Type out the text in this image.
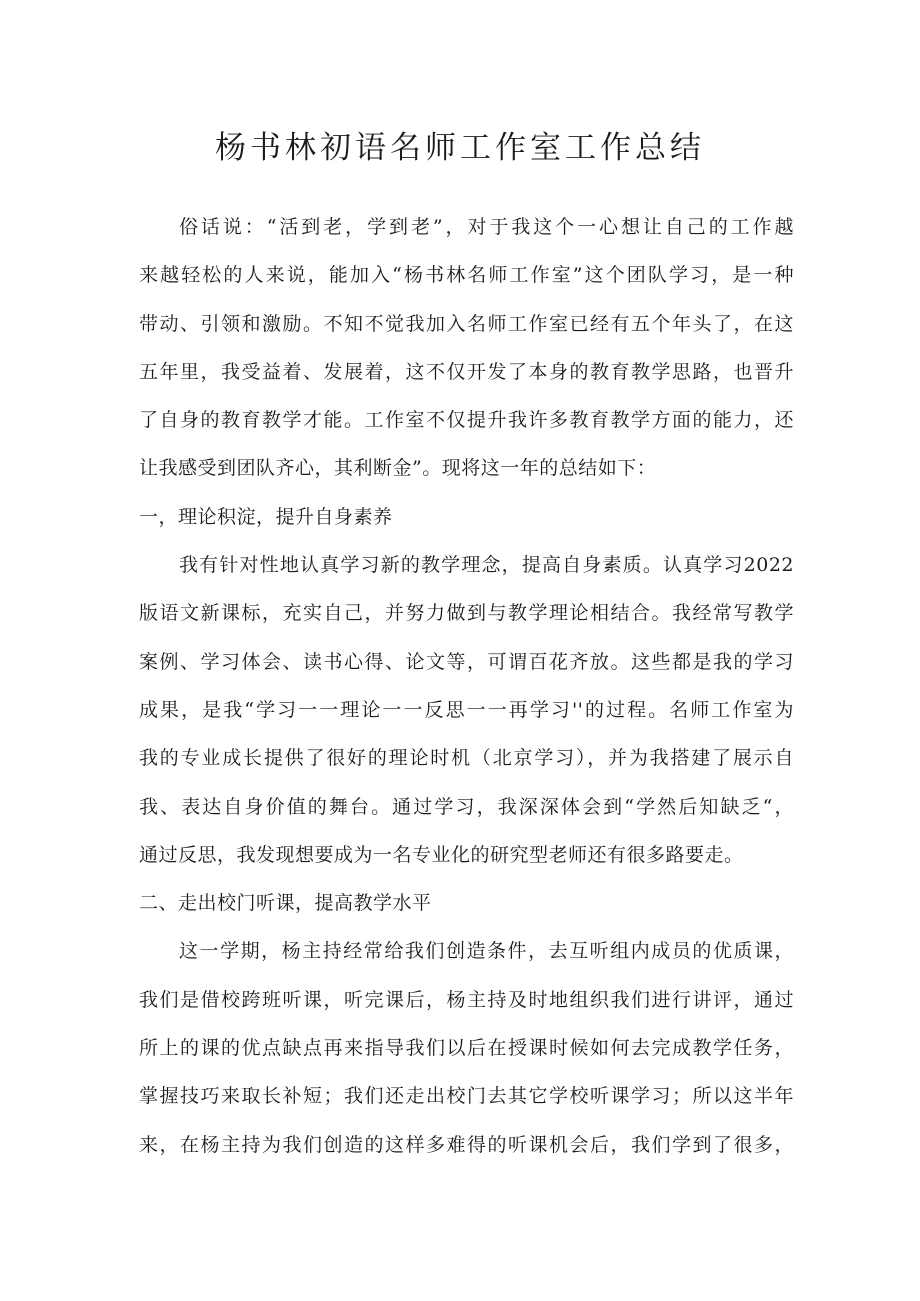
杨书林初语名师工作室工作总结
俗话说：“活到老，学到老”，对于我这个一心想让自己的工作越
来越轻松的人来说，能加入“杨书林名师工作室”这个团队学习，是一种
带动、引领和激励。不知不觉我加入名师工作室已经有五个年头了，在这
五年里，我受益着、发展着，这不仅开发了本身的教育教学思路，也晋升
了自身的教育教学才能。工作室不仅提升我许多教育教学方面的能力，还
让我感受到团队齐心，其利断金”。现将这一年的总结如下：
一，理论积淀，提升自身素养
我有针对性地认真学习新的教学理念，提高自身素质。认真学习2022
版语文新课标，充实自己，并努力做到与教学理论相结合。我经常写教学
案例、学习体会、读书心得、论文等，可谓百花齐放。这些都是我的学习
成果，是我“学习一一理论一一反思一一再学习''的过程。名师工作室为
我的专业成长提供了很好的理论时机（北京学习），并为我搭建了展示自
我、表达自身价值的舞台。通过学习，我深深体会到“学然后知缺乏“，
通过反思，我发现想要成为一名专业化的研究型老师还有很多路要走。
二、走出校门听课，提高教学水平
这一学期，杨主持经常给我们创造条件，去互听组内成员的优质课，
我们是借校跨班听课，听完课后，杨主持及时地组织我们进行讲评，通过
所上的课的优点缺点再来指导我们以后在授课时候如何去完成教学任务，
掌握技巧来取长补短；我们还走出校门去其它学校听课学习；所以这半年
来，在杨主持为我们创造的这样多难得的听课机会后，我们学到了很多，
